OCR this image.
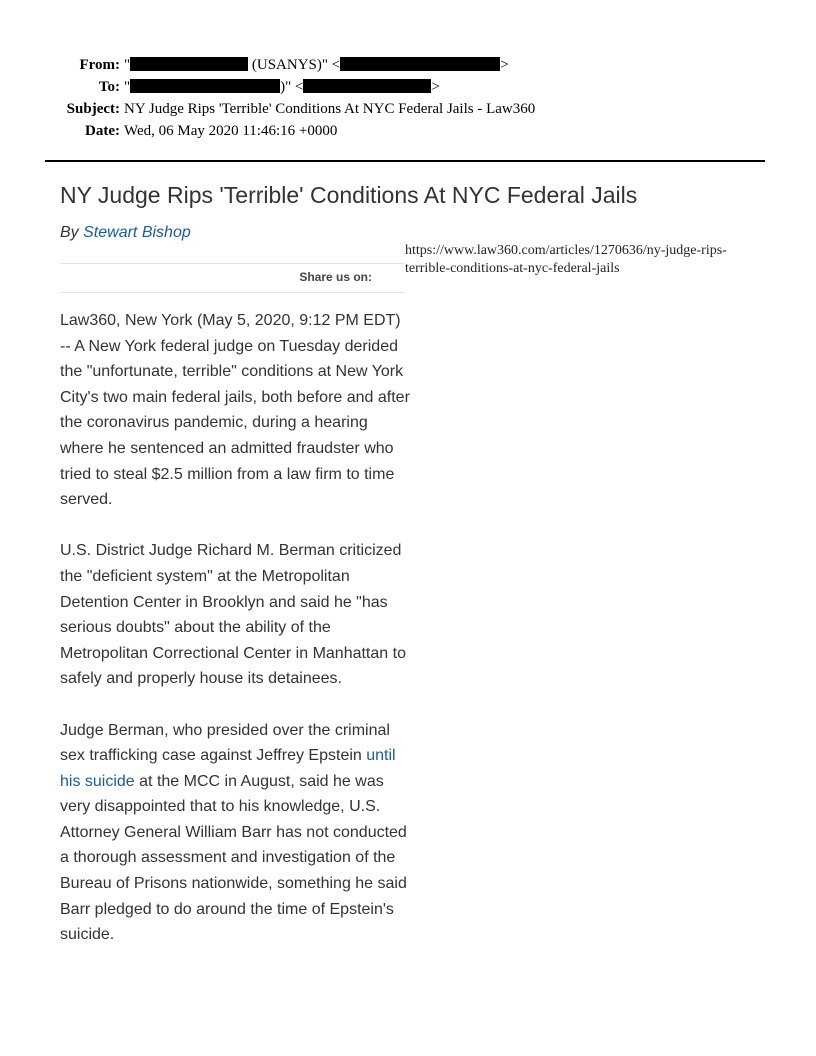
From: "	(USANYS)" <	>
To: "	)" <	>
Subject: NY Judge Rips 'Terrible' Conditions At NYC Federal Jails - Law360
Date: Wed, 06 May 2020 11:46:16 +0000
NY Judge Rips 'Terrible' Conditions At NYC Federal Jails
By Stewart Bishop
https://www.law360.com/articles/1270636/ny-judge-rips-terrible-conditions-at-nyc-federal-jails
Share us on:

Law360, New York (May 5, 2020, 9:12 PM EDT) -- A New York federal judge on Tuesday derided the "unfortunate, terrible" conditions at New York City's two main federal jails, both before and after the coronavirus pandemic, during a hearing where he sentenced an admitted fraudster who tried to steal $2.5 million from a law firm to time served.

U.S. District Judge Richard M. Berman criticized the "deficient system" at the Metropolitan Detention Center in Brooklyn and said he "has serious doubts" about the ability of the Metropolitan Correctional Center in Manhattan to safely and properly house its detainees.

Judge Berman, who presided over the criminal sex trafficking case against Jeffrey Epstein until his suicide at the MCC in August, said he was very disappointed that to his knowledge, U.S. Attorney General William Barr has not conducted a thorough assessment and investigation of the Bureau of Prisons nationwide, something he said Barr pledged to do around the time of Epstein's suicide.
